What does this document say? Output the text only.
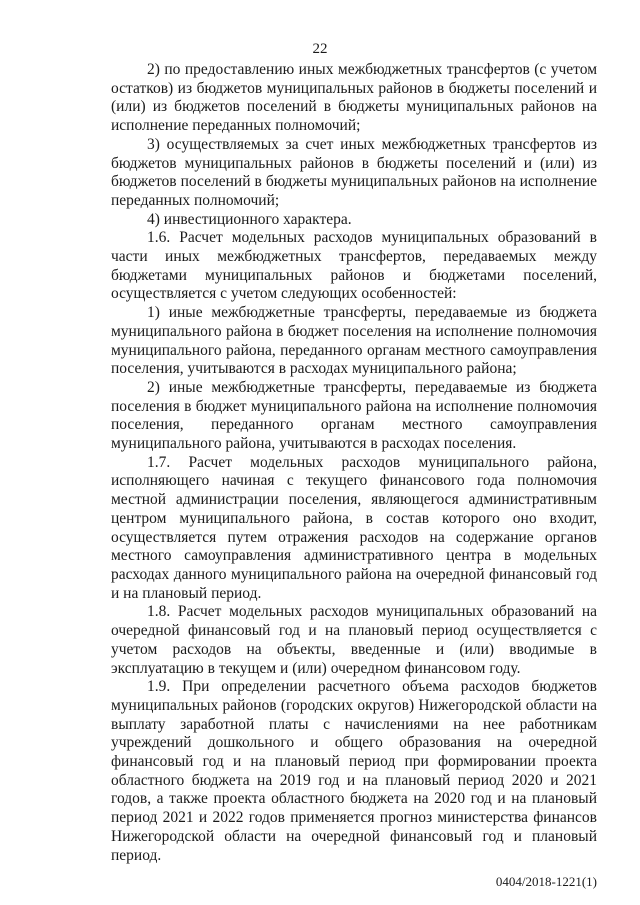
22

2) по предоставлению иных межбюджетных трансфертов (с учетом остатков) из бюджетов муниципальных районов в бюджеты поселений и (или) из бюджетов поселений в бюджеты муниципальных районов на исполнение переданных полномочий;

3) осуществляемых за счет иных межбюджетных трансфертов из бюджетов муниципальных районов в бюджеты поселений и (или) из бюджетов поселений в бюджеты муниципальных районов на исполнение переданных полномочий;

4) инвестиционного характера.

1.6. Расчет модельных расходов муниципальных образований в части иных межбюджетных трансфертов, передаваемых между бюджетами муниципальных районов и бюджетами поселений, осуществляется с учетом следующих особенностей:

1) иные межбюджетные трансферты, передаваемые из бюджета муниципального района в бюджет поселения на исполнение полномочия муниципального района, переданного органам местного самоуправления поселения, учитываются в расходах муниципального района;

2) иные межбюджетные трансферты, передаваемые из бюджета поселения в бюджет муниципального района на исполнение полномочия поселения, переданного органам местного самоуправления муниципального района, учитываются в расходах поселения.

1.7. Расчет модельных расходов муниципального района, исполняющего начиная с текущего финансового года полномочия местной администрации поселения, являющегося административным центром муниципального района, в состав которого оно входит, осуществляется путем отражения расходов на содержание органов местного самоуправления административного центра в модельных расходах данного муниципального района на очередной финансовый год и на плановый период.

1.8. Расчет модельных расходов муниципальных образований на очередной финансовый год и на плановый период осуществляется с учетом расходов на объекты, введенные и (или) вводимые в эксплуатацию в текущем и (или) очередном финансовом году.

1.9. При определении расчетного объема расходов бюджетов муниципальных районов (городских округов) Нижегородской области на выплату заработной платы с начислениями на нее работникам учреждений дошкольного и общего образования на очередной финансовый год и на плановый период при формировании проекта областного бюджета на 2019 год и на плановый период 2020 и 2021 годов, а также проекта областного бюджета на 2020 год и на плановый период 2021 и 2022 годов применяется прогноз министерства финансов Нижегородской области на очередной финансовый год и плановый период.

0404/2018-1221(1)
